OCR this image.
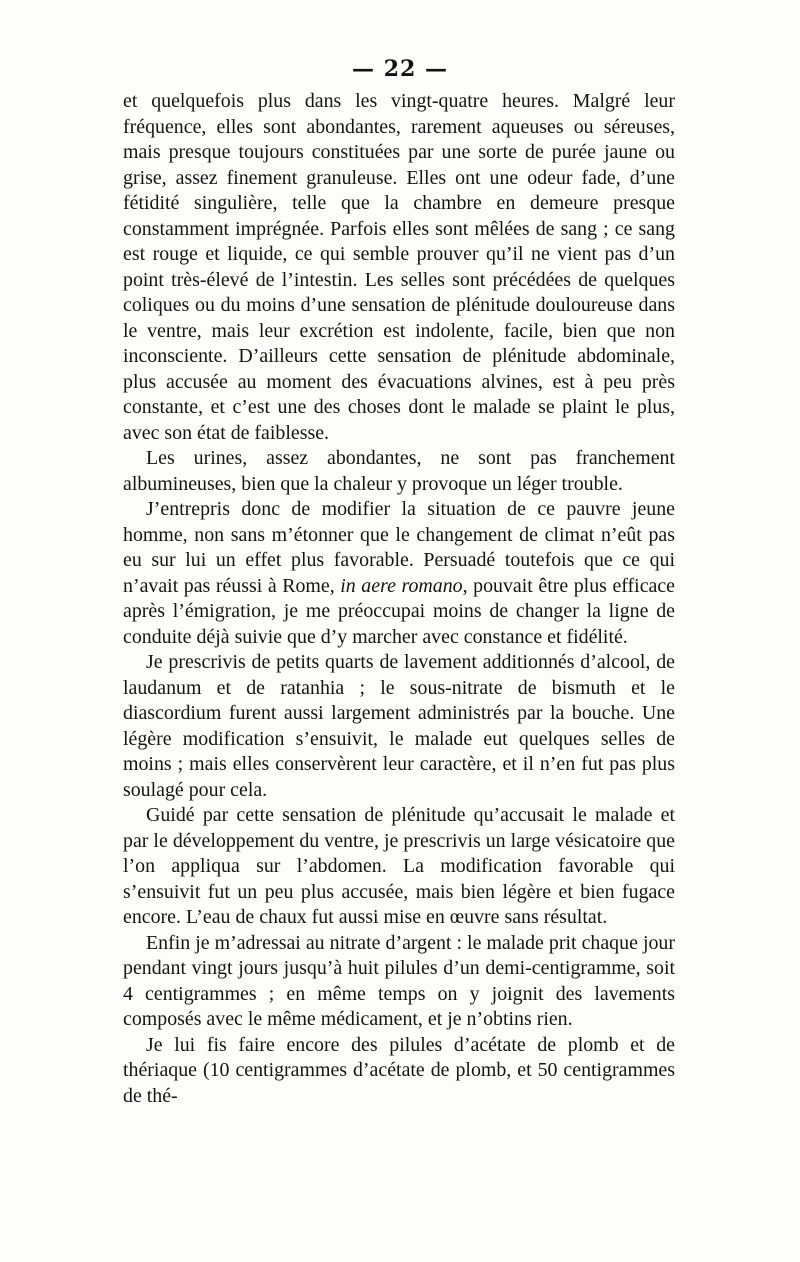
— 22 —

et quelquefois plus dans les vingt-quatre heures. Malgré leur fréquence, elles sont abondantes, rarement aqueuses ou séreuses, mais presque toujours constituées par une sorte de purée jaune ou grise, assez finement granuleuse. Elles ont une odeur fade, d’une fétidité singulière, telle que la chambre en demeure presque constamment imprégnée. Parfois elles sont mêlées de sang ; ce sang est rouge et liquide, ce qui semble prouver qu’il ne vient pas d’un point très-élevé de l’intestin. Les selles sont précédées de quelques coliques ou du moins d’une sensation de plénitude douloureuse dans le ventre, mais leur excrétion est indolente, facile, bien que non inconsciente. D’ailleurs cette sensation de plénitude abdominale, plus accusée au moment des évacuations alvines, est à peu près constante, et c’est une des choses dont le malade se plaint le plus, avec son état de faiblesse.

Les urines, assez abondantes, ne sont pas franchement albumineuses, bien que la chaleur y provoque un léger trouble.

J’entrepris donc de modifier la situation de ce pauvre jeune homme, non sans m’étonner que le changement de climat n’eût pas eu sur lui un effet plus favorable. Persuadé toutefois que ce qui n’avait pas réussi à Rome, in aere romano, pouvait être plus efficace après l’émigration, je me préoccupai moins de changer la ligne de conduite déjà suivie que d’y marcher avec constance et fidélité.

Je prescrivis de petits quarts de lavement additionnés d’alcool, de laudanum et de ratanhia ; le sous-nitrate de bismuth et le diascordium furent aussi largement administrés par la bouche. Une légère modification s’ensuivit, le malade eut quelques selles de moins ; mais elles conservèrent leur caractère, et il n’en fut pas plus soulagé pour cela.

Guidé par cette sensation de plénitude qu’accusait le malade et par le développement du ventre, je prescrivis un large vésicatoire que l’on appliqua sur l’abdomen. La modification favorable qui s’ensuivit fut un peu plus accusée, mais bien légère et bien fugace encore. L’eau de chaux fut aussi mise en œuvre sans résultat.

Enfin je m’adressai au nitrate d’argent : le malade prit chaque jour pendant vingt jours jusqu’à huit pilules d’un demi-centigramme, soit 4 centigrammes ; en même temps on y joignit des lavements composés avec le même médicament, et je n’obtins rien.

Je lui fis faire encore des pilules d’acétate de plomb et de thériaque (10 centigrammes d’acétate de plomb, et 50 centigrammes de thé-
